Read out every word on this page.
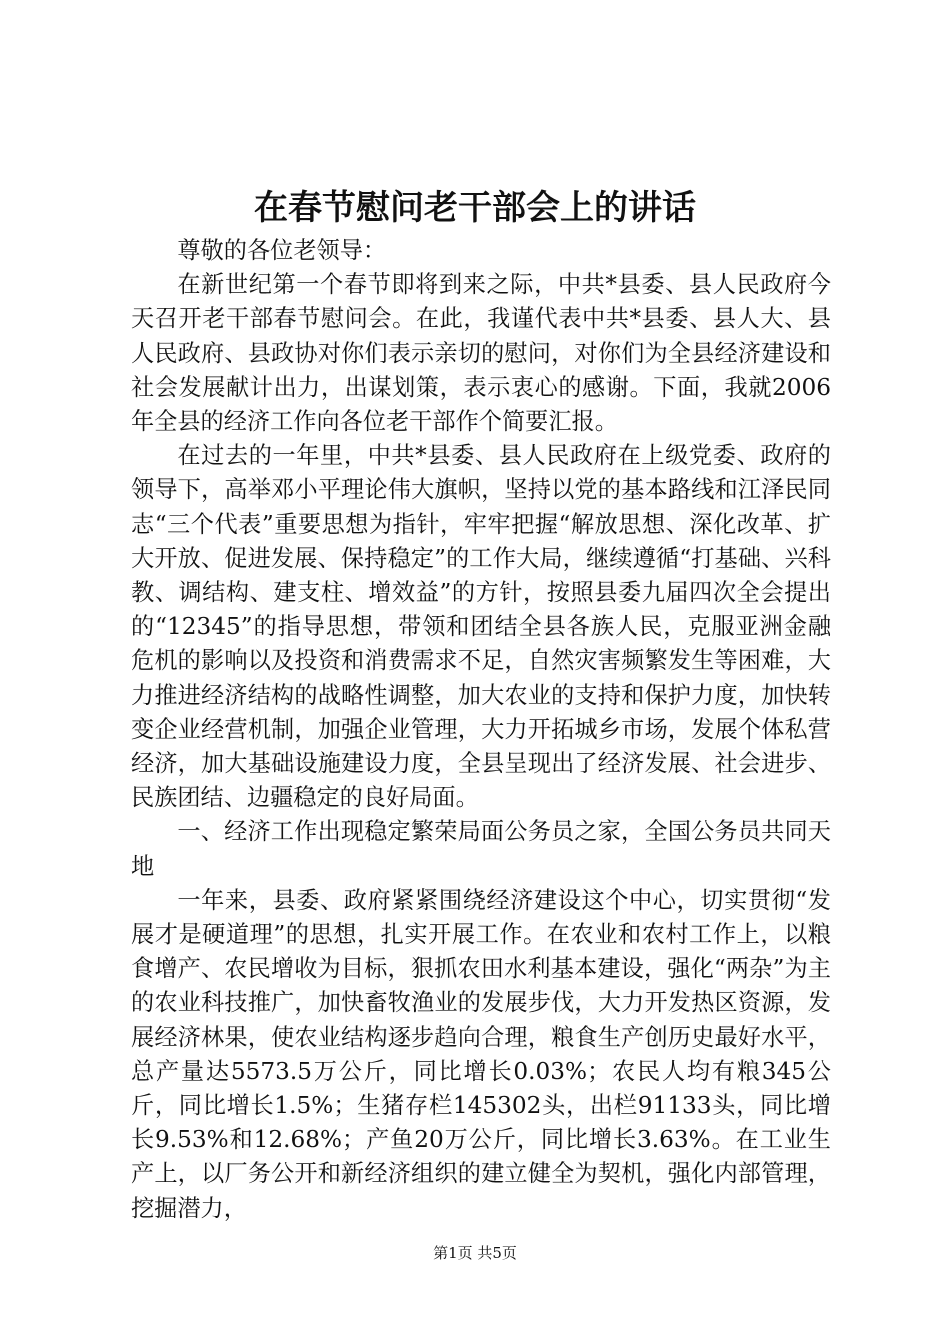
在春节慰问老干部会上的讲话

尊敬的各位老领导：

在新世纪第一个春节即将到来之际，中共*县委、县人民政府今天召开老干部春节慰问会。在此，我谨代表中共*县委、县人大、县人民政府、县政协对你们表示亲切的慰问，对你们为全县经济建设和社会发展献计出力，出谋划策，表示衷心的感谢。下面，我就2006年全县的经济工作向各位老干部作个简要汇报。

在过去的一年里，中共*县委、县人民政府在上级党委、政府的领导下，高举邓小平理论伟大旗帜，坚持以党的基本路线和江泽民同志“三个代表”重要思想为指针，牢牢把握“解放思想、深化改革、扩大开放、促进发展、保持稳定”的工作大局，继续遵循“打基础、兴科教、调结构、建支柱、增效益”的方针，按照县委九届四次全会提出的“12345”的指导思想，带领和团结全县各族人民，克服亚洲金融危机的影响以及投资和消费需求不足，自然灾害频繁发生等困难，大力推进经济结构的战略性调整，加大农业的支持和保护力度，加快转变企业经营机制，加强企业管理，大力开拓城乡市场，发展个体私营经济，加大基础设施建设力度，全县呈现出了经济发展、社会进步、民族团结、边疆稳定的良好局面。

一、经济工作出现稳定繁荣局面公务员之家，全国公务员共同天地

一年来，县委、政府紧紧围绕经济建设这个中心，切实贯彻“发展才是硬道理”的思想，扎实开展工作。在农业和农村工作上，以粮食增产、农民增收为目标，狠抓农田水利基本建设，强化“两杂”为主的农业科技推广，加快畜牧渔业的发展步伐，大力开发热区资源，发展经济林果，使农业结构逐步趋向合理，粮食生产创历史最好水平，总产量达5573.5万公斤，同比增长0.03%；农民人均有粮345公斤，同比增长1.5%；生猪存栏145302头，出栏91133头，同比增长9.53%和12.68%；产鱼20万公斤，同比增长3.63%。在工业生产上，以厂务公开和新经济组织的建立健全为契机，强化内部管理，挖掘潜力，

第1页 共5页
